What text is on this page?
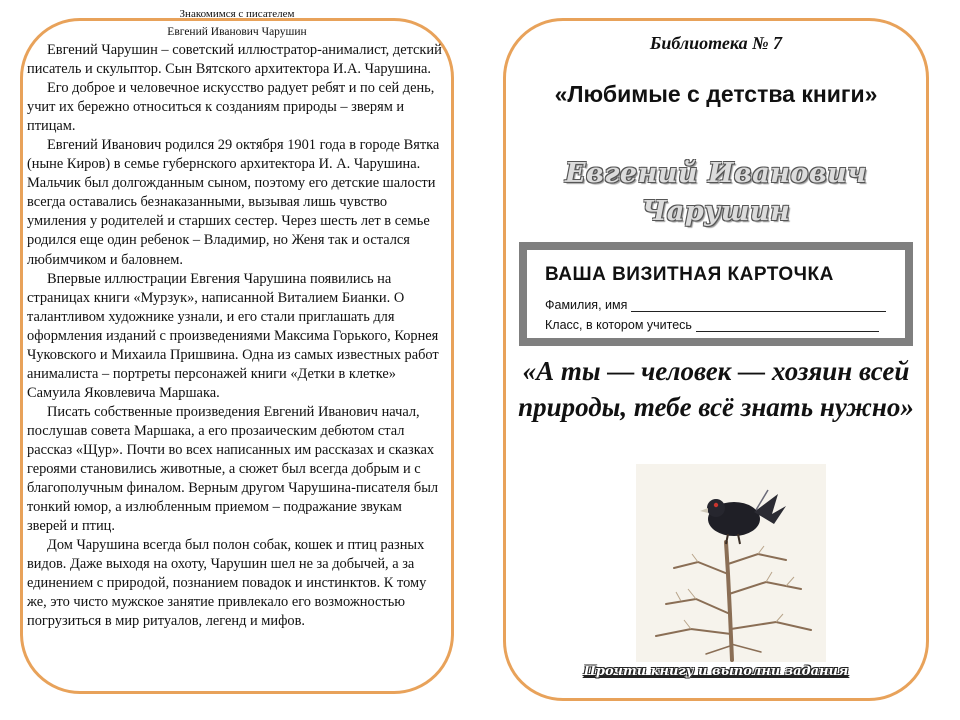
Знакомимся с писателем
Евгений Иванович Чарушин

Евгений Чарушин – советский иллюстратор-анималист, детский писатель и скульптор. Сын Вятского архитектора И.А. Чарушина.

Его доброе и человечное искусство радует ребят и по сей день, учит их бережно относиться к созданиям природы – зверям и птицам.

Евгений Иванович родился 29 октября 1901 года в городе Вятка (ныне Киров) в семье губернского архитектора И. А. Чарушина. Мальчик был долгожданным сыном, поэтому его детские шалости всегда оставались безнаказанными, вызывая лишь чувство умиления у родителей и старших сестер. Через шесть лет в семье родился еще один ребенок – Владимир, но Женя так и остался любимчиком и баловнем.

Впервые иллюстрации Евгения Чарушина появились на страницах книги «Мурзук», написанной Виталием Бианки. О талантливом художнике узнали, и его стали приглашать для оформления изданий с произведениями Максима Горького, Корнея Чуковского и Михаила Пришвина. Одна из самых известных работ анималиста – портреты персонажей книги «Детки в клетке» Самуила Яковлевича Маршака.

Писать собственные произведения Евгений Иванович начал, послушав совета Маршака, а его прозаическим дебютом стал рассказ «Щур». Почти во всех написанных им рассказах и сказках героями становились животные, а сюжет был всегда добрым и с благополучным финалом. Верным другом Чарушина-писателя был тонкий юмор, а излюбленным приемом – подражание звукам зверей и птиц.

Дом Чарушина всегда был полон собак, кошек и птиц разных видов. Даже выходя на охоту, Чарушин шел не за добычей, а за единением с природой, познанием повадок и инстинктов. К тому же, это чисто мужское занятие привлекало его возможностью погрузиться в мир ритуалов, легенд и мифов.

Библиотека № 7
«Любимые с детства книги»
Евгений Иванович Чарушин
ВАША ВИЗИТНАЯ КАРТОЧКА
Фамилия, имя
Класс, в котором учитесь
«А ты — человек — хозяин всей природы, тебе всё знать нужно»
Прочти книгу и выполни задания
